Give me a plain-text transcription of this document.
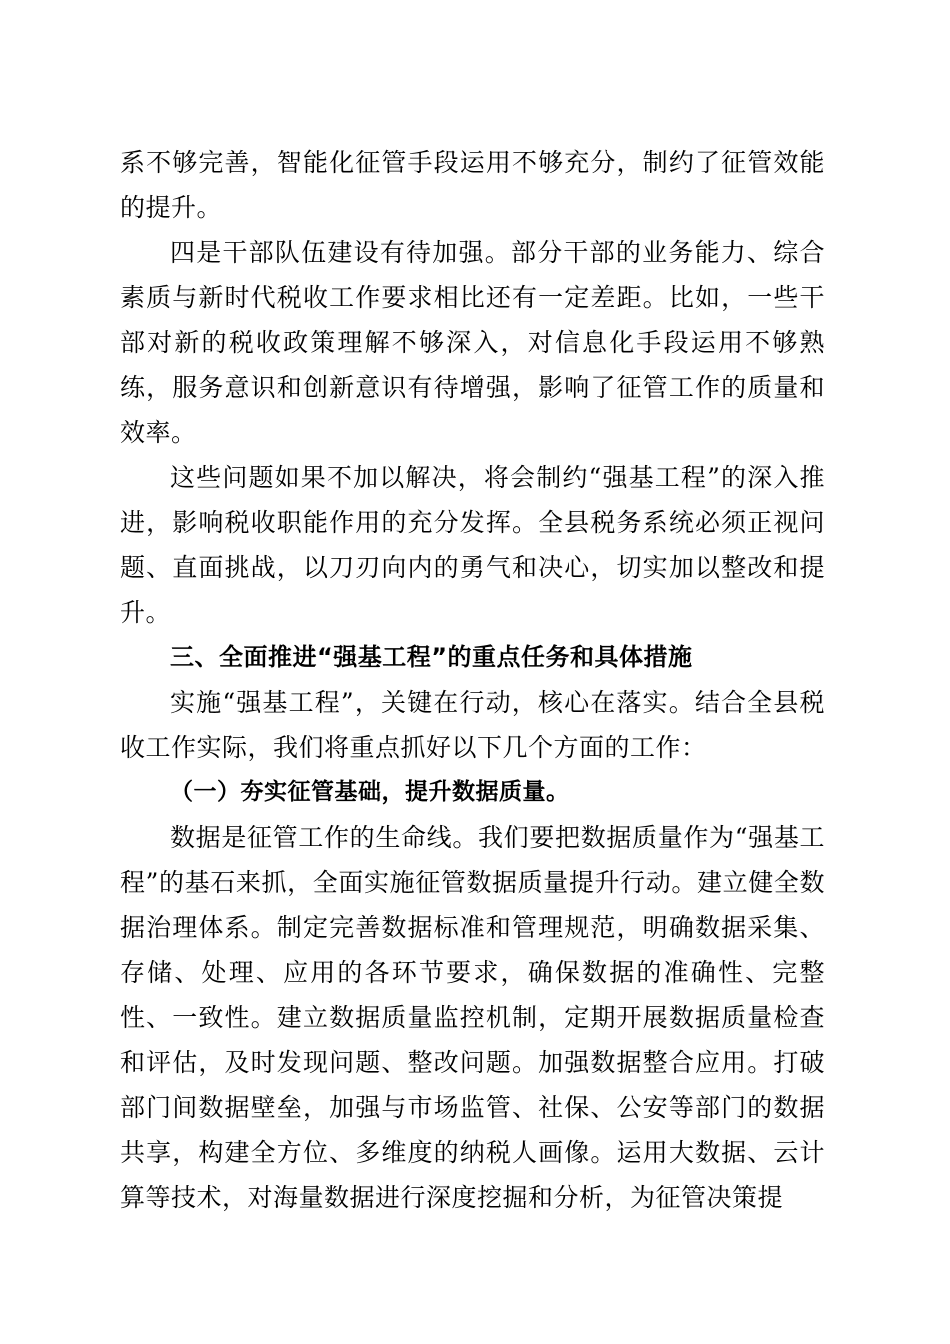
系不够完善，智能化征管手段运用不够充分，制约了征管效能的提升。

四是干部队伍建设有待加强。部分干部的业务能力、综合素质与新时代税收工作要求相比还有一定差距。比如，一些干部对新的税收政策理解不够深入，对信息化手段运用不够熟练，服务意识和创新意识有待增强，影响了征管工作的质量和效率。

这些问题如果不加以解决，将会制约“强基工程”的深入推进，影响税收职能作用的充分发挥。全县税务系统必须正视问题、直面挑战，以刀刃向内的勇气和决心，切实加以整改和提升。

三、全面推进“强基工程”的重点任务和具体措施

实施“强基工程”，关键在行动，核心在落实。结合全县税收工作实际，我们将重点抓好以下几个方面的工作：

（一）夯实征管基础，提升数据质量。

数据是征管工作的生命线。我们要把数据质量作为“强基工程”的基石来抓，全面实施征管数据质量提升行动。建立健全数据治理体系。制定完善数据标准和管理规范，明确数据采集、存储、处理、应用的各环节要求，确保数据的准确性、完整性、一致性。建立数据质量监控机制，定期开展数据质量检查和评估，及时发现问题、整改问题。加强数据整合应用。打破部门间数据壁垒，加强与市场监管、社保、公安等部门的数据共享，构建全方位、多维度的纳税人画像。运用大数据、云计算等技术，对海量数据进行深度挖掘和分析，为征管决策提
